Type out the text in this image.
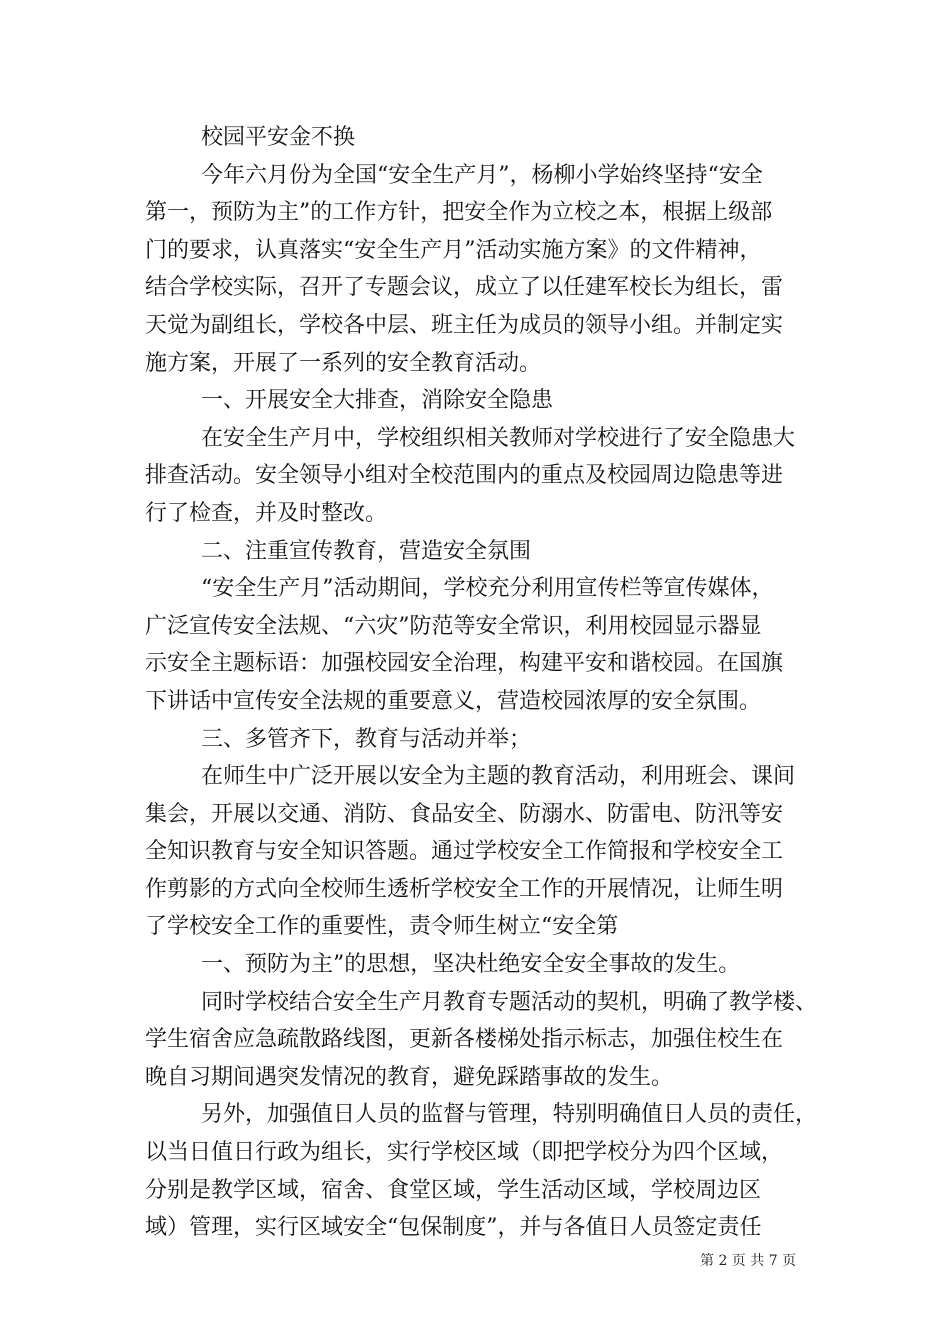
校园平安金不换
今年六月份为全国“安全生产月”，杨柳小学始终坚持“安全
第一，预防为主”的工作方针，把安全作为立校之本，根据上级部
门的要求，认真落实“安全生产月”活动实施方案》的文件精神，
结合学校实际，召开了专题会议，成立了以任建军校长为组长，雷
天觉为副组长，学校各中层、班主任为成员的领导小组。并制定实
施方案，开展了一系列的安全教育活动。
一、开展安全大排查，消除安全隐患
在安全生产月中，学校组织相关教师对学校进行了安全隐患大
排查活动。安全领导小组对全校范围内的重点及校园周边隐患等进
行了检查，并及时整改。
二、注重宣传教育，营造安全氛围
“安全生产月”活动期间，学校充分利用宣传栏等宣传媒体，
广泛宣传安全法规、“六灾”防范等安全常识，利用校园显示器显
示安全主题标语：加强校园安全治理，构建平安和谐校园。在国旗
下讲话中宣传安全法规的重要意义，营造校园浓厚的安全氛围。
三、多管齐下，教育与活动并举；
在师生中广泛开展以安全为主题的教育活动，利用班会、课间
集会，开展以交通、消防、食品安全、防溺水、防雷电、防汛等安
全知识教育与安全知识答题。通过学校安全工作简报和学校安全工
作剪影的方式向全校师生透析学校安全工作的开展情况，让师生明
了学校安全工作的重要性，责令师生树立“安全第
一、预防为主”的思想，坚决杜绝安全安全事故的发生。
同时学校结合安全生产月教育专题活动的契机，明确了教学楼、
学生宿舍应急疏散路线图，更新各楼梯处指示标志，加强住校生在
晚自习期间遇突发情况的教育，避免踩踏事故的发生。
另外，加强值日人员的监督与管理，特别明确值日人员的责任，
以当日值日行政为组长，实行学校区域（即把学校分为四个区域，
分别是教学区域，宿舍、食堂区域，学生活动区域，学校周边区
域）管理，实行区域安全“包保制度”，并与各值日人员签定责任
第 2 页 共 7 页
